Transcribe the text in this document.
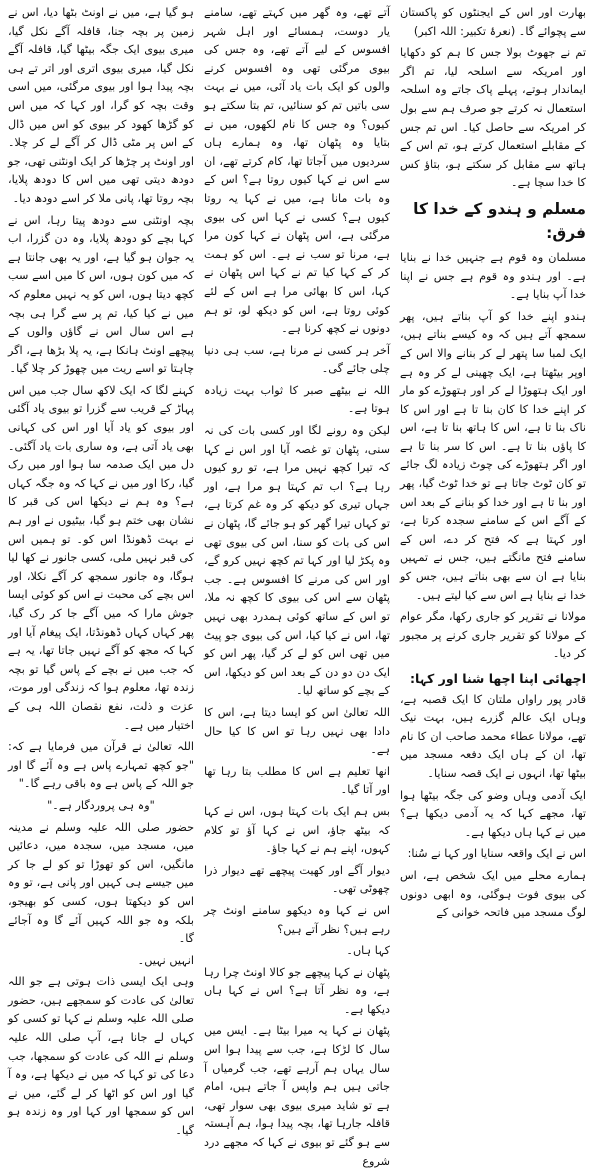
بھارت اور اس کے ایجنٹوں کو پاکستان سے پچوائے گا۔ (نعرۂ تکبیر: اللہ اکبر)

تم نے جھوٹ بولا جس کا ہم کو دکھایا اور امریکہ سے اسلحہ لیا، تم اگر ایماندار ہوتے، پہلے پاک جاتے وہ اسلحہ استعمال نہ کرتے جو صرف ہم سے بول کر امریکہ سے حاصل کیا۔ اس تم جس کے مقابلے استعمال کرتے ہو، تم اس کے ہاتھ سے مقابل کر سکتے ہو، بتاؤ کس کا خدا سچا ہے۔

مسلم و ہندو کے خدا کا فرق:

مسلمان وہ قوم ہے جنہیں خدا نے بنایا ہے۔ اور ہندو وہ قوم ہے جس نے اپنا خدا آپ بنایا ہے۔

ہندو اپنے خدا کو آپ بناتے ہیں، پھر سمجھ آتے ہیں کہ وہ کیسے بناتے ہیں، ایک لمبا سا پتھر لے کر بنانے والا اس کے اوپر بیٹھتا ہے، ایک چھینی لے کر وہ ہے اور ایک ہتھوڑا لے کر اور ہتھوڑے کو مار کر اپنے خدا کا کان بنا تا ہے اور اس کا ناک بنا تا ہے، اس کا ہاتھ بنا تا ہے، اس کا پاؤں بنا تا ہے۔ اس کا سر بنا تا ہے اور اگر ہتھوڑے کی چوٹ زیادہ لگ جائے تو کان ٹوٹ جاتا ہے تو خدا ٹوٹ گیا، پھر اور بنا تا ہے اور خدا کو بنانے کے بعد اس کے آگے اس کے سامنے سجدہ کرتا ہے، اور کہتا ہے کہ فتح کر دے، اس کے سامنے فتح مانگتے ہیں، جس نے تمہیں بنایا ہے ان سے بھی بناتے ہیں، جس کو خدا نے بنایا ہے اس سے کیا لیتے ہیں۔

مولانا نے تقریر کو جاری رکھا، مگر عوام کے مولانا کو تقریر جاری کرنے پر مجبور کر دیا۔

اچھائی اپنا اچھا شنا اور کہا:

قادر پور راواں ملتان کا ایک قصبہ ہے، وہاں ایک عالم گزرے ہیں، بہت نیک تھے، مولانا عطاء محمد صاحب ان کا نام تھا، ان کے ہاں ایک دفعہ مسجد میں بیٹھا تھا، انہوں نے ایک قصہ سنایا۔

ایک آدمی وہاں وضو کی جگہ بیٹھا ہوا تھا، مجھے کہا کہ یہ آدمی دیکھا ہے؟ میں نے کہا ہاں دیکھا ہے۔

اس نے ایک واقعہ سنایا اور کہا نے سُنا:

ہمارے محلے میں ایک شخص ہے، اس کی بیوی فوت ہوگئی، وہ ابھی دونوں لوگ مسجد میں فاتحہ خوانی کے

آتے تھے، وہ گھر میں کہتے تھے، سامنے یار دوست، ہمسائے اور اہل شہر افسوس کے لیے آتے تھے، وہ جس کی بیوی مرگئی تھی وہ افسوس کرنے والوں کو ایک بات یاد آئی، میں نے بہت سی باتیں تم کو سنائیں، تم بتا سکتے ہو کیوں؟ وہ جس کا نام لکھوں، میں نے بتایا وہ پٹھان تھا، وہ ہمارے ہاں سردیوں میں آجاتا تھا، کام کرتے تھے، ان سے اس نے کہا کیوں روتا ہے؟ اس کے وہ بات مانا ہے، میں نے کہا یہ روتا کیوں ہے؟ کسی نے کہا اس کی بیوی مرگئی ہے، اس پٹھان نے کہا کون مرا ہے، مرنا تو سب نے ہے۔ اس کو ہمت کر کے کہا کیا تم نے کہا اس پٹھان نے کہا، اس کا بھائی مرا ہے اس کے لئے کوئی روتا ہے، اس کو دیکھ لو، تو ہم دونوں نے کچھ کرنا ہے۔

آخر ہر کسی نے مرنا ہے، سب ہی دنیا چلی جائے گی۔

اللہ نے بیٹھے صبر کا ثواب بہت زیادہ ہوتا ہے۔

لیکن وہ رونے لگا اور کسی بات کی نہ سنی، پٹھان تو غصہ آیا اور اس نے کہا کہ تیرا کچھ نہیں مرا ہے، تو رو کیوں رہا ہے؟ اب تم کہتا ہو مرا ہے، اور جہاں تیری کو دیکھ کر وہ غم کرتا ہے، تو کہاں تیرا گھر کو ہو جائے گا، پٹھان نے اس کی بات کو سنا، اس کی بیوی تھی وہ پکڑ لیا اور کہا تم کچھ نہیں کرو گے، اور اس کی مرنے کا افسوس ہے۔ جب پٹھان سے اس کی بیوی کا کچھ نہ ملا، تو اس کے ساتھ کوئی ہمدرد بھی نہیں تھا، اس نے کیا کیا، اس کی بیوی جو پیٹ میں تھی اس کو لے کر گیا، پھر اس کو ایک دن دو دن کے بعد اس کو دیکھا، اس کے بچے کو ساتھ لیا۔

اللہ تعالیٰ اس کو ایسا دیتا ہے، اس کا دادا بھی نہیں رہا تو اس کا کیا حال ہے۔

انھا تعلیم ہے اس کا مطلب بتا رہا تھا اور آتا گیا۔

بس ہم ایک بات کہتا ہوں، اس نے کہا کہ بیٹھ جاؤ، اس نے کہا آؤ تو کلام کہوں، اپنے ہم نے کہا جاؤ۔

دیوار آگے اور کھیت پیچھے تھے دیوار ذرا چھوٹی تھی۔

اس نے کہا وہ دیکھو سامنے اونٹ چر رہے ہیں؟ نظر آتے ہیں؟

کہا ہاں۔

پٹھان نے کہا پیچھے جو کالا اونٹ چرا رہا ہے، وہ نظر آتا ہے؟ اس نے کہا ہاں دیکھا ہے۔

پٹھان نے کہا یہ میرا بیٹا ہے۔ ایس میں سال کا لڑکا ہے، جب سے پیدا ہوا اس سال یہاں ہم آرہے تھے، جب گرمیاں آ جاتی ہیں ہم واپس آ جاتے ہیں، امام ہے تو شاید میری بیوی بھی سوار تھی، قافلہ جارہا تھا، بچہ پیدا ہوا، ہم آہستہ سے ہو گئے تو بیوی نے کہا کہ مجھے درد شروع

ہو گیا ہے، میں نے اونٹ بٹھا دیا، اس نے زمین پر بچہ جنا، قافلہ آگے نکل گیا، میری بیوی ایک جگہ بیٹھا گیا، قافلہ آگے نکل گیا، میری بیوی اتری اور اتر تے ہی بچہ پیدا ہوا اور بیوی مرگئی، میں اسی وقت بچہ کو گرا، اور کہا کہ میں اس کو گڑھا کھود کر بیوی کو اس میں ڈال کے اس پر مٹی ڈال کر آگے لے کر چلا۔ اور اونٹ پر چڑھا کر ایک اونٹنی تھی، جو دودھ دیتی تھی میں اس کا دودھ پلایا، بچہ روتا تھا، پانی ملا کر اسے دودھ دیا۔

بچہ اونٹنی سے دودھ پیتا رہا، اس نے کہا بچے کو دودھ پلایا، وہ دن گزرا، اب یہ جوان ہو گیا ہے، اور یہ بھی جانتا ہے کہ میں کون ہوں، اس کا میں اسے سب کچھ دیتا ہوں، اس کو یہ نہیں معلوم کہ میں نے کیا کیا، تم پر سے گرا ہی بچہ ہے اس سال اس نے گاؤں والوں کے پیچھے اونٹ ہانکا ہے، یہ پلا بڑھا ہے، اگر چاہتا تو اسے ریت میں چھوڑ کر چلا گیا۔

کہنے لگا کہ ایک لاکھ سال جب میں اس پہاڑ کے قریب سے گزرا تو بیوی یاد آگئی اور بیوی کو یاد آیا اور اس کی کہانی بھی یاد آتی ہے، وہ ساری بات یاد آگئی۔ دل میں ایک صدمہ سا ہوا اور میں رک گیا، رکا اور میں نے کہا کہ وہ جگہ کہاں ہے؟ وہ ہم نے دیکھا اس کی قبر کا نشان بھی ختم ہو گیا، بیٹیوں نے اور ہم نے بہت ڈھونڈا اس کو۔ تو ہمیں اس کی قبر نہیں ملی، کسی جانور نے کھا لیا ہوگا، وہ جانور سمجھ کر آگے نکلا، اور اس بچے کی محبت نے اس کو کوئی ایسا جوش مارا کہ میں آگے جا کر رک گیا، پھر کہاں کہاں ڈھونڈتا، ایک پیغام آیا اور کہا کہ مجھ کو آگے نہیں جاتا تھا، یہ ہے کہ جب میں نے بچے کے پاس گیا تو بچہ زندہ تھا، معلوم ہوا کہ زندگی اور موت، عزت و ذلت، نفع نقصان اللہ ہی کے اختیار میں ہے۔

اللہ تعالیٰ نے قرآن میں فرمایا ہے کہ: "جو کچھ تمہارے پاس ہے وہ آئے گا اور جو اللہ کے پاس ہے وہ باقی رہے گا۔"

"وہ ہی پروردگار ہے۔"

حضور صلی اللہ علیہ وسلم نے مدینہ میں، مسجد میں، سجدہ میں، دعائیں مانگیں، اس کو تھوڑا تو کو لے جا کر میں جیسے ہی کہیں اور پانی ہے، تو وہ اس کو دیکھتا ہوں، کسی کو بھیجو، بلکہ وہ جو اللہ کہیں آئے گا وہ آجائے گا۔

انہیں نہیں۔

وہی ایک ایسی ذات ہوتی ہے جو اللہ تعالیٰ کی عادت کو سمجھے ہیں، حضور صلی اللہ علیہ وسلم نے کہا تو کسی کو کہاں لے جانا ہے، آپ صلی اللہ علیہ وسلم نے اللہ کی عادت کو سمجھا، جب دعا کی تو کہا کہ میں نے دیکھا ہے، وہ آ گیا اور اس کو اٹھا کر لے گئے، میں نے اس کو سمجھا اور کہا اور وہ زندہ ہو گیا۔
